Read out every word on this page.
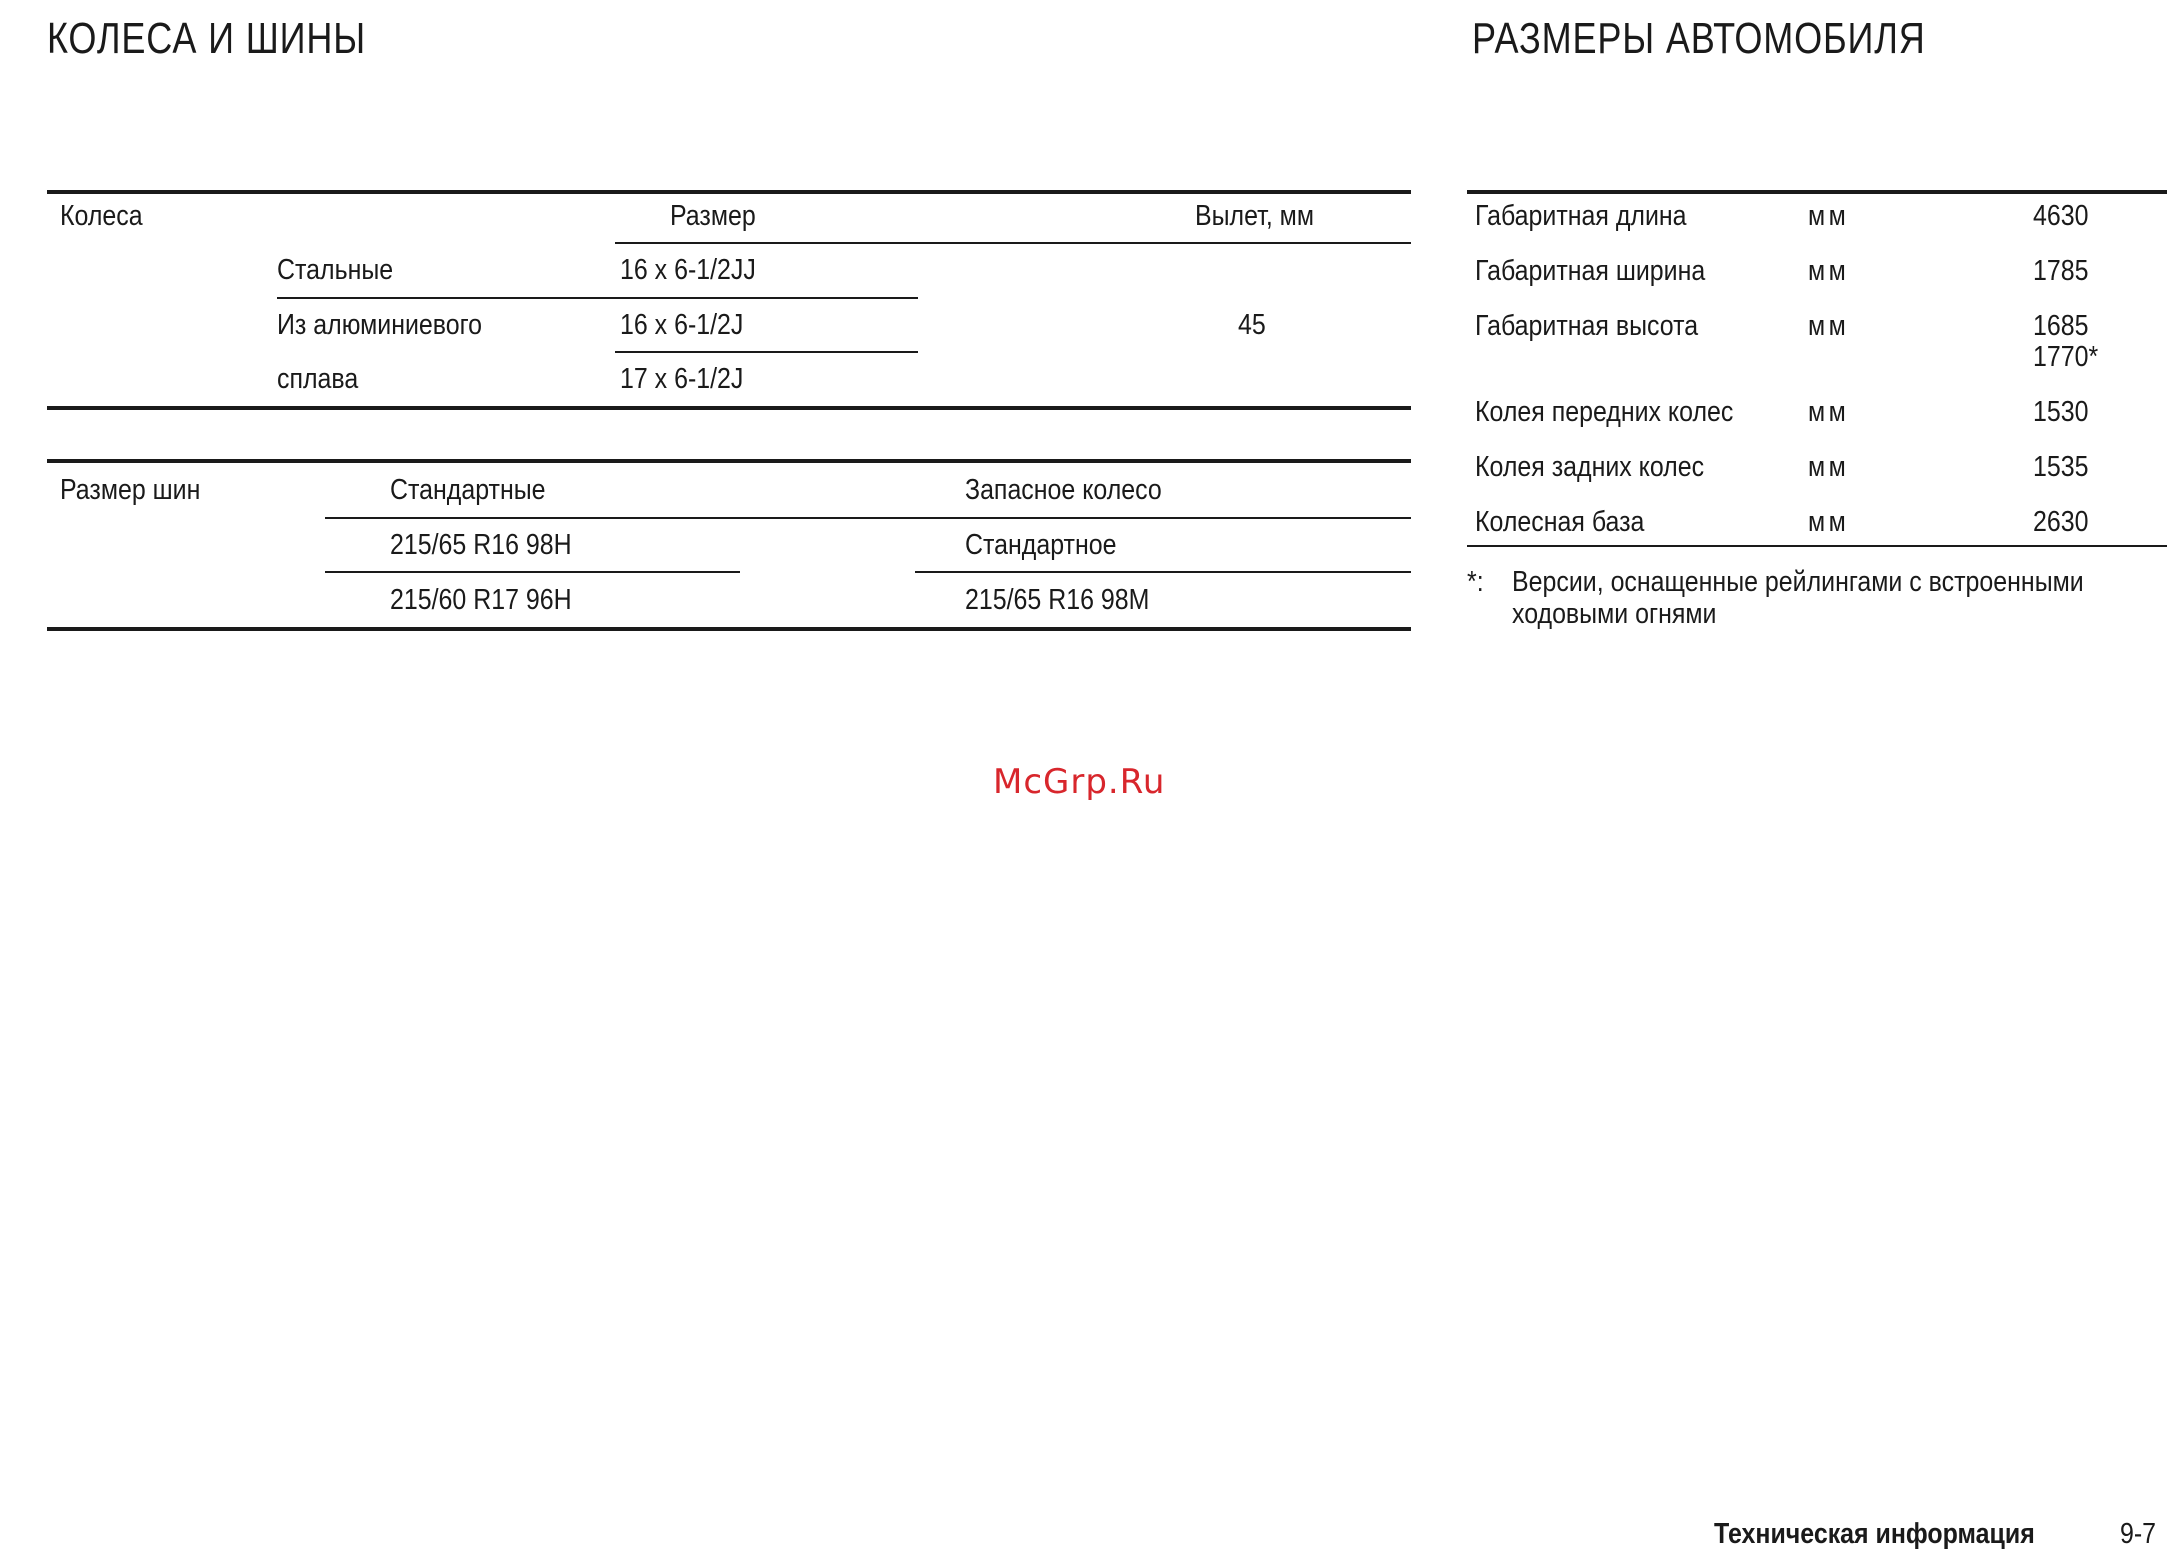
КОЛЕСА И ШИНЫ
Колеса	Размер	Вылет, мм
Стальные	16 x 6-1/2JJ
Из алюминиевого	16 x 6-1/2J	45
сплава	17 x 6-1/2J
Размер шин	Стандартные	Запасное колесо
215/65 R16 98H	Стандартное
215/60 R17 96H	215/65 R16 98M
РАЗМЕРЫ АВТОМОБИЛЯ
Габаритная длина	мм	4630
Габаритная ширина	мм	1785
Габаритная высота	мм	1685
1770*
Колея передних колес	мм	1530
Колея задних колес	мм	1535
Колесная база	мм	2630
*: Версии, оснащенные рейлингами с встроенными
ходовыми огнями
McGrp.Ru
Техническая информация	9-7
